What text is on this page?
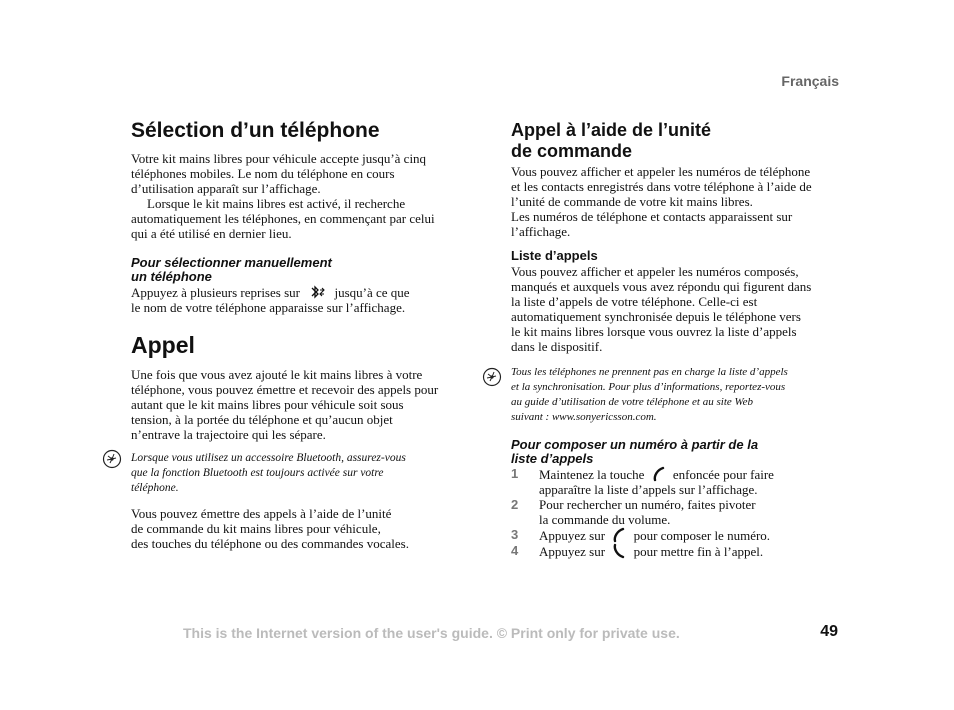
Français
Sélection d’un téléphone

Votre kit mains libres pour véhicule accepte jusqu’à cinq
téléphones mobiles. Le nom du téléphone en cours
d’utilisation apparaît sur l’affichage.

Lorsque le kit mains libres est activé, il recherche
automatiquement les téléphones, en commençant par celui
qui a été utilisé en dernier lieu.

Pour sélectionner manuellement
un téléphone

Appuyez à plusieurs reprises sur	jusqu’à ce que
le nom de votre téléphone apparaisse sur l’affichage.

Appel

Une fois que vous avez ajouté le kit mains libres à votre
téléphone, vous pouvez émettre et recevoir des appels pour
autant que le kit mains libres pour véhicule soit sous
tension, à la portée du téléphone et qu’aucun objet
n’entrave la trajectoire qui les sépare.

Lorsque vous utilisez un accessoire Bluetooth, assurez-vous
que la fonction Bluetooth est toujours activée sur votre
téléphone.

Vous pouvez émettre des appels à l’aide de l’unité
de commande du kit mains libres pour véhicule,
des touches du téléphone ou des commandes vocales.

Appel à l’aide de l’unité
de commande

Vous pouvez afficher et appeler les numéros de téléphone
et les contacts enregistrés dans votre téléphone à l’aide de
l’unité de commande de votre kit mains libres.
Les numéros de téléphone et contacts apparaissent sur
l’affichage.

Liste d’appels

Vous pouvez afficher et appeler les numéros composés,
manqués et auxquels vous avez répondu qui figurent dans
la liste d’appels de votre téléphone. Celle-ci est
automatiquement synchronisée depuis le téléphone vers
le kit mains libres lorsque vous ouvrez la liste d’appels
dans le dispositif.

Tous les téléphones ne prennent pas en charge la liste d’appels
et la synchronisation. Pour plus d’informations, reportez-vous
au guide d’utilisation de votre téléphone et au site Web
suivant : www.sonyericsson.com.

Pour composer un numéro à partir de la
liste d’appels

1 Maintenez la touche enfoncée pour faire
apparaître la liste d’appels sur l’affichage.
2 Pour rechercher un numéro, faites pivoter
la commande du volume.
3 Appuyez sur pour composer le numéro.
4 Appuyez sur pour mettre fin à l’appel.
This is the Internet version of the user's guide. © Print only for private use.	49
